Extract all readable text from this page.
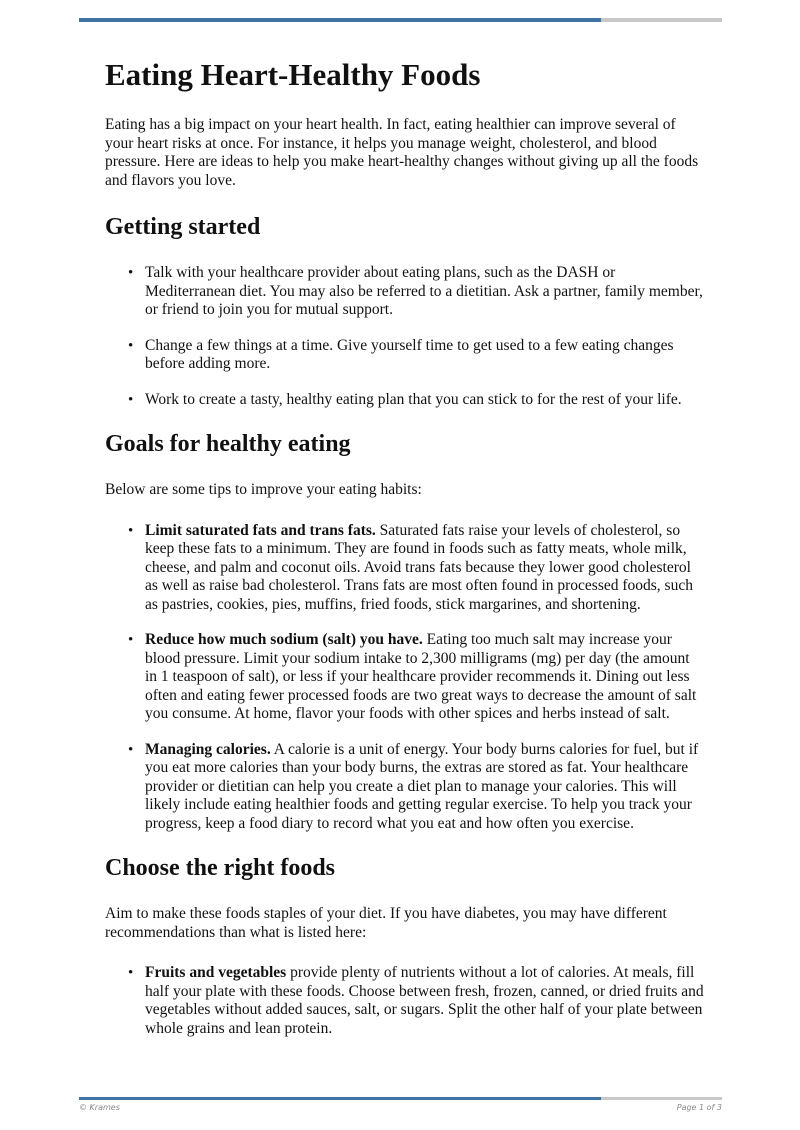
Eating Heart-Healthy Foods

Eating has a big impact on your heart health. In fact, eating healthier can improve several of your heart risks at once. For instance, it helps you manage weight, cholesterol, and blood pressure. Here are ideas to help you make heart-healthy changes without giving up all the foods and flavors you love.

Getting started
• Talk with your healthcare provider about eating plans, such as the DASH or Mediterranean diet. You may also be referred to a dietitian. Ask a partner, family member, or friend to join you for mutual support.
• Change a few things at a time. Give yourself time to get used to a few eating changes before adding more.
• Work to create a tasty, healthy eating plan that you can stick to for the rest of your life.
Goals for healthy eating

Below are some tips to improve your eating habits:

• Limit saturated fats and trans fats. Saturated fats raise your levels of cholesterol, so keep these fats to a minimum. They are found in foods such as fatty meats, whole milk, cheese, and palm and coconut oils. Avoid trans fats because they lower good cholesterol as well as raise bad cholesterol. Trans fats are most often found in processed foods, such as pastries, cookies, pies, muffins, fried foods, stick margarines, and shortening.
• Reduce how much sodium (salt) you have. Eating too much salt may increase your blood pressure. Limit your sodium intake to 2,300 milligrams (mg) per day (the amount in 1 teaspoon of salt), or less if your healthcare provider recommends it. Dining out less often and eating fewer processed foods are two great ways to decrease the amount of salt you consume. At home, flavor your foods with other spices and herbs instead of salt.
• Managing calories. A calorie is a unit of energy. Your body burns calories for fuel, but if you eat more calories than your body burns, the extras are stored as fat. Your healthcare provider or dietitian can help you create a diet plan to manage your calories. This will likely include eating healthier foods and getting regular exercise. To help you track your progress, keep a food diary to record what you eat and how often you exercise.
Choose the right foods

Aim to make these foods staples of your diet. If you have diabetes, you may have different recommendations than what is listed here:

• Fruits and vegetables provide plenty of nutrients without a lot of calories. At meals, fill half your plate with these foods. Choose between fresh, frozen, canned, or dried fruits and vegetables without added sauces, salt, or sugars. Split the other half of your plate between whole grains and lean protein.
© Krames	Page 1 of 3
